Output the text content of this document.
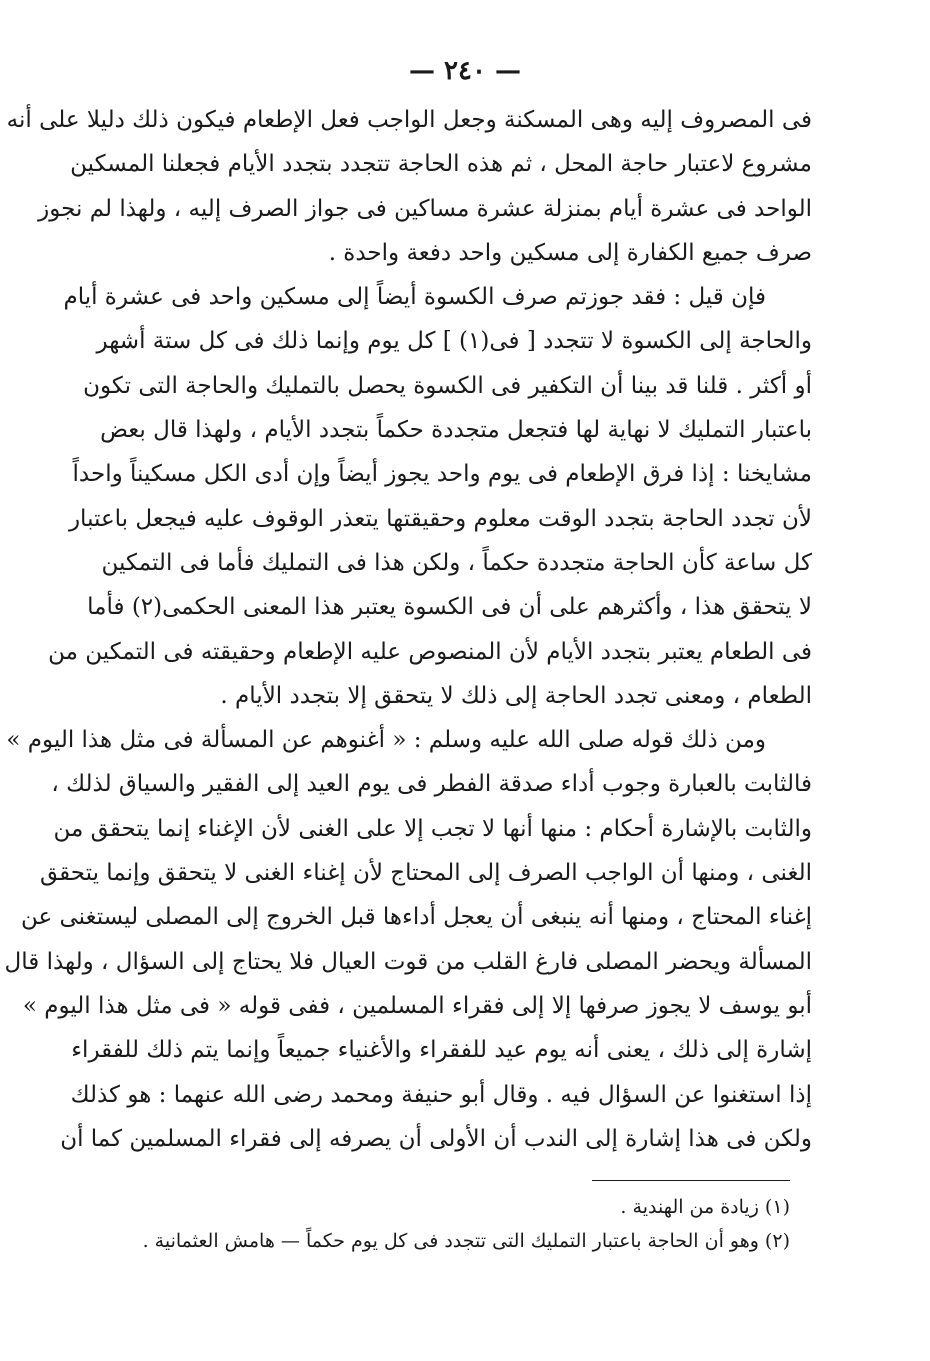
— ٢٤٠ —

فى المصروف إليه وهى المسكنة وجعل الواجب فعل الإطعام فيكون ذلك دليلا على أنه
مشروع لاعتبار حاجة المحل ، ثم هذه الحاجة تتجدد بتجدد الأيام فجعلنا المسكين
الواحد فى عشرة أيام بمنزلة عشرة مساكين فى جواز الصرف إليه ، ولهذا لم نجوز
صرف جميع الكفارة إلى مسكين واحد دفعة واحدة .

فإن قيل : فقد جوزتم صرف الكسوة أيضاً إلى مسكين واحد فى عشرة أيام
والحاجة إلى الكسوة لا تتجدد [ فى(١) ] كل يوم وإنما ذلك فى كل ستة أشهر
أو أكثر . قلنا قد بينا أن التكفير فى الكسوة يحصل بالتمليك والحاجة التى تكون
باعتبار التمليك لا نهاية لها فتجعل متجددة حكماً بتجدد الأيام ، ولهذا قال بعض
مشايخنا : إذا فرق الإطعام فى يوم واحد يجوز أيضاً وإن أدى الكل مسكيناً واحداً
لأن تجدد الحاجة بتجدد الوقت معلوم وحقيقتها يتعذر الوقوف عليه فيجعل باعتبار
كل ساعة كأن الحاجة متجددة حكماً ، ولكن هذا فى التمليك فأما فى التمكين
لا يتحقق هذا ، وأكثرهم على أن فى الكسوة يعتبر هذا المعنى الحكمى(٢) فأما
فى الطعام يعتبر بتجدد الأيام لأن المنصوص عليه الإطعام وحقيقته فى التمكين من
الطعام ، ومعنى تجدد الحاجة إلى ذلك لا يتحقق إلا بتجدد الأيام .

ومن ذلك قوله صلى الله عليه وسلم : « أغنوهم عن المسألة فى مثل هذا اليوم »
فالثابت بالعبارة وجوب أداء صدقة الفطر فى يوم العيد إلى الفقير والسياق لذلك ،
والثابت بالإشارة أحكام : منها أنها لا تجب إلا على الغنى لأن الإغناء إنما يتحقق من
الغنى ، ومنها أن الواجب الصرف إلى المحتاج لأن إغناء الغنى لا يتحقق وإنما يتحقق
إغناء المحتاج ، ومنها أنه ينبغى أن يعجل أداءها قبل الخروج إلى المصلى ليستغنى عن
المسألة ويحضر المصلى فارغ القلب من قوت العيال فلا يحتاج إلى السؤال ، ولهذا قال
أبو يوسف لا يجوز صرفها إلا إلى فقراء المسلمين ، ففى قوله « فى مثل هذا اليوم »
إشارة إلى ذلك ، يعنى أنه يوم عيد للفقراء والأغنياء جميعاً وإنما يتم ذلك للفقراء
إذا استغنوا عن السؤال فيه . وقال أبو حنيفة ومحمد رضى الله عنهما : هو كذلك
ولكن فى هذا إشارة إلى الندب أن الأولى أن يصرفه إلى فقراء المسلمين كما أن

(١) زيادة من الهندية .
(٢) وهو أن الحاجة باعتبار التمليك التى تتجدد فى كل يوم حكماً — هامش العثمانية .
